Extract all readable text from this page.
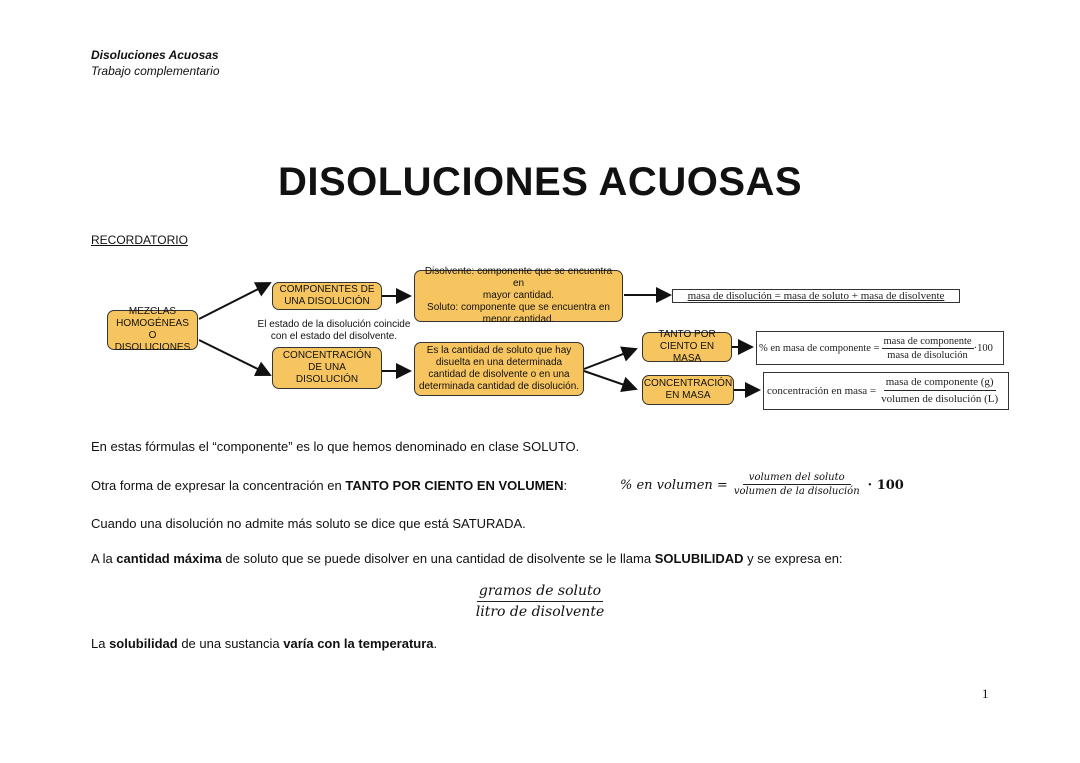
Disoluciones Acuosas
Trabajo complementario
DISOLUCIONES ACUOSAS
RECORDATORIO
MEZCLAS
HOMOGÉNEAS O
DISOLUCIONES
COMPONENTES DE
UNA DISOLUCIÓN
Disolvente: componente que se encuentra en
mayor cantidad.
Soluto: componente que se encuentra en
menor cantidad.
masa de disolución = masa de soluto + masa de disolvente
El estado de la disolución coincide
con el estado del disolvente.
CONCENTRACIÓN
DE UNA
DISOLUCIÓN
Es la cantidad de soluto que hay
disuelta en una determinada
cantidad de disolvente o en una
determinada cantidad de disolución.
TANTO POR
CIENTO EN MASA
CONCENTRACIÓN
EN MASA
% en masa de componente = $\frac{\text{masa de componente}}{\text{masa de disolución}} \cdot 100$
concentración en masa = $\frac{\text{masa de componente (g)}}{\text{volumen de disolución (L)}}$
En estas fórmulas el “componente” es lo que hemos denominado en clase SOLUTO.
Otra forma de expresar la concentración en TANTO POR CIENTO EN VOLUMEN:	% en volumen = $\frac{\text{volumen del soluto}}{\text{volumen de la disolución}} \cdot 100$
Cuando una disolución no admite más soluto se dice que está SATURADA.
A la cantidad máxima de soluto que se puede disolver en una cantidad de disolvente se le llama SOLUBILIDAD y se expresa en:
$\frac{\text{gramos de soluto}}{\text{litro de disolvente}}$
La solubilidad de una sustancia varía con la temperatura.
1
